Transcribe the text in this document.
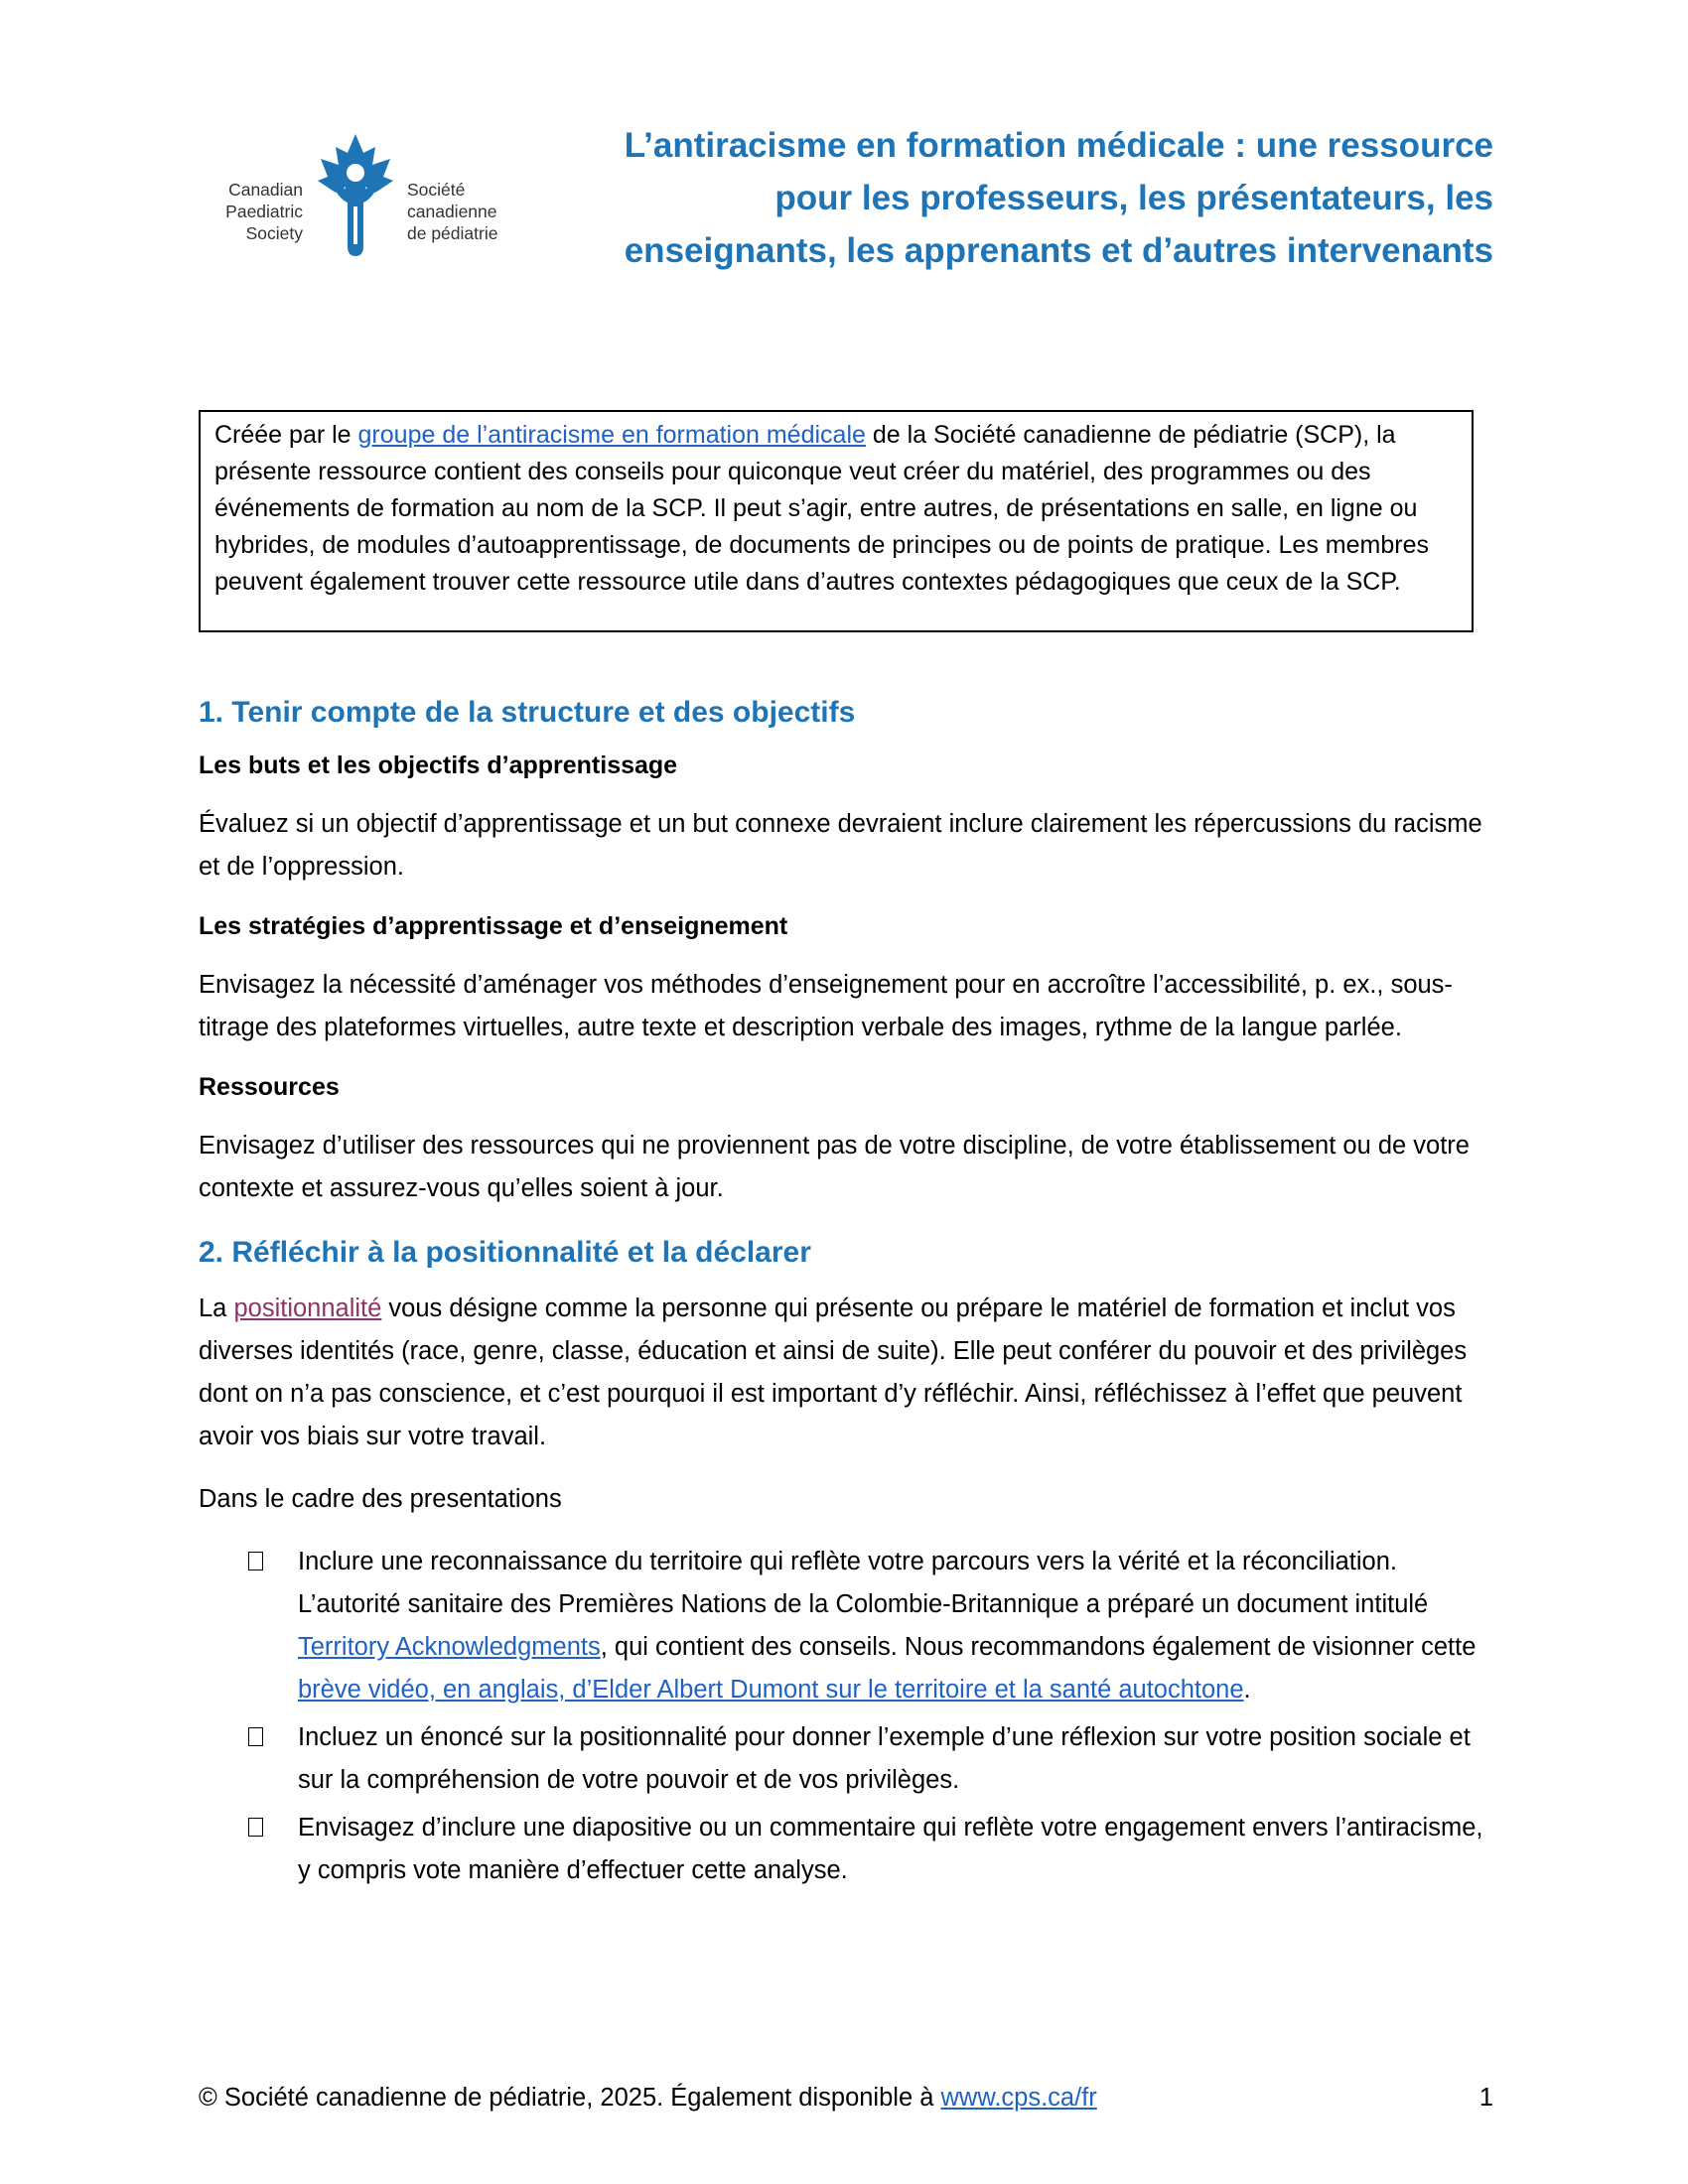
Canadian
Paediatric
Society
Société
canadienne
de pédiatrie
L’antiracisme en formation médicale : une ressource pour les professeurs, les présentateurs, les enseignants, les apprenants et d’autres intervenants
Créée par le groupe de l’antiracisme en formation médicale de la Société canadienne de pédiatrie (SCP), la présente ressource contient des conseils pour quiconque veut créer du matériel, des programmes ou des événements de formation au nom de la SCP. Il peut s’agir, entre autres, de présentations en salle, en ligne ou hybrides, de modules d’autoapprentissage, de documents de principes ou de points de pratique. Les membres peuvent également trouver cette ressource utile dans d’autres contextes pédagogiques que ceux de la SCP.
1. Tenir compte de la structure et des objectifs
Les buts et les objectifs d’apprentissage

Évaluez si un objectif d’apprentissage et un but connexe devraient inclure clairement les répercussions du racisme et de l’oppression.

Les stratégies d’apprentissage et d’enseignement

Envisagez la nécessité d’aménager vos méthodes d’enseignement pour en accroître l’accessibilité, p. ex., sous-titrage des plateformes virtuelles, autre texte et description verbale des images, rythme de la langue parlée.

Ressources

Envisagez d’utiliser des ressources qui ne proviennent pas de votre discipline, de votre établissement ou de votre contexte et assurez-vous qu’elles soient à jour.

2. Réfléchir à la positionnalité et la déclarer

La positionnalité vous désigne comme la personne qui présente ou prépare le matériel de formation et inclut vos diverses identités (race, genre, classe, éducation et ainsi de suite). Elle peut conférer du pouvoir et des privilèges dont on n’a pas conscience, et c’est pourquoi il est important d’y réfléchir. Ainsi, réfléchissez à l’effet que peuvent avoir vos biais sur votre travail.

Dans le cadre des presentations

Inclure une reconnaissance du territoire qui reflète votre parcours vers la vérité et la réconciliation. L’autorité sanitaire des Premières Nations de la Colombie-Britannique a préparé un document intitulé Territory Acknowledgments, qui contient des conseils. Nous recommandons également de visionner cette brève vidéo, en anglais, d’Elder Albert Dumont sur le territoire et la santé autochtone.
Incluez un énoncé sur la positionnalité pour donner l’exemple d’une réflexion sur votre position sociale et sur la compréhension de votre pouvoir et de vos privilèges.
Envisagez d’inclure une diapositive ou un commentaire qui reflète votre engagement envers l’antiracisme, y compris vote manière d’effectuer cette analyse.
© Société canadienne de pédiatrie, 2025. Également disponible à www.cps.ca/fr	1
